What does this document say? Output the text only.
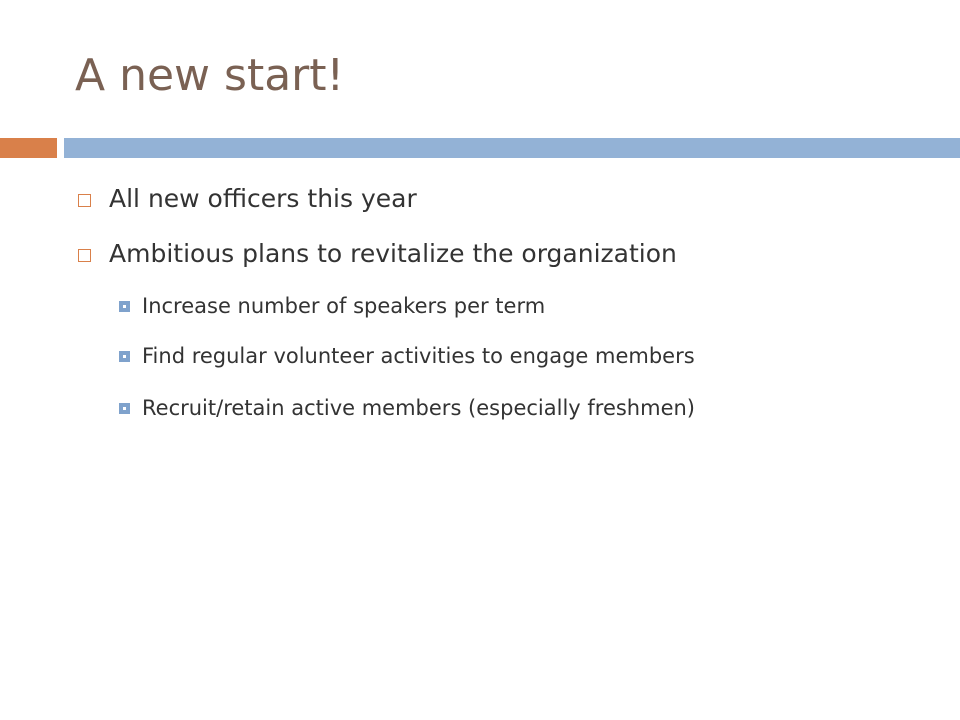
A new start!
All new officers this year
Ambitious plans to revitalize the organization
Increase number of speakers per term
Find regular volunteer activities to engage members
Recruit/retain active members (especially freshmen)
